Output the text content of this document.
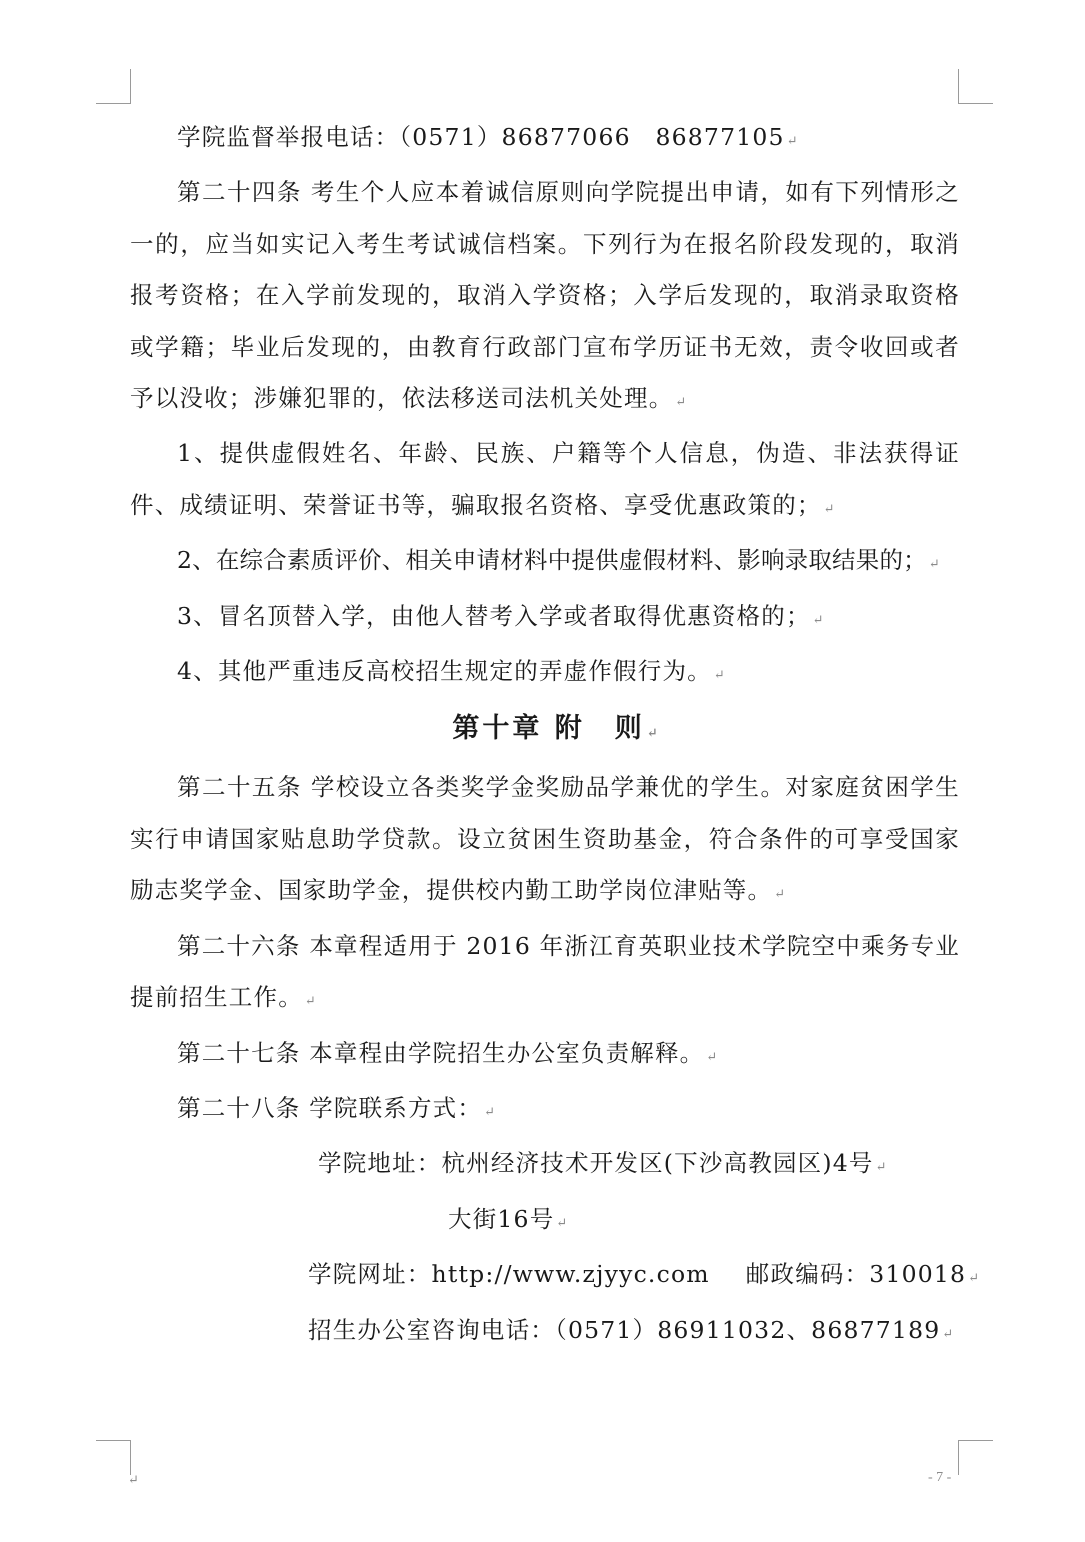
学院监督举报电话：（0571）86877066　86877105 ↵

第二十四条 考生个人应本着诚信原则向学院提出申请，如有下列情形之一的，应当如实记入考生考试诚信档案。下列行为在报名阶段发现的，取消报考资格；在入学前发现的，取消入学资格；入学后发现的，取消录取资格或学籍；毕业后发现的，由教育行政部门宣布学历证书无效，责令收回或者予以没收；涉嫌犯罪的，依法移送司法机关处理。 ↵

1、提供虚假姓名、年龄、民族、户籍等个人信息，伪造、非法获得证件、成绩证明、荣誉证书等，骗取报名资格、享受优惠政策的； ↵

2、在综合素质评价、相关申请材料中提供虚假材料、影响录取结果的； ↵

3、冒名顶替入学，由他人替考入学或者取得优惠资格的； ↵

4、其他严重违反高校招生规定的弄虚作假行为。 ↵

第十章 附　则 ↵

第二十五条 学校设立各类奖学金奖励品学兼优的学生。对家庭贫困学生实行申请国家贴息助学贷款。设立贫困生资助基金，符合条件的可享受国家励志奖学金、国家助学金，提供校内勤工助学岗位津贴等。 ↵

第二十六条 本章程适用于 2016 年浙江育英职业技术学院空中乘务专业提前招生工作。 ↵

第二十七条 本章程由学院招生办公室负责解释。 ↵

第二十八条 学院联系方式： ↵

学院地址：杭州经济技术开发区(下沙高教园区)4号 ↵

大街16号 ↵

学院网址：http://www.zjyyc.com 邮政编码：310018 ↵

招生办公室咨询电话：（0571）86911032、86877189 ↵

↵	- 7 -
